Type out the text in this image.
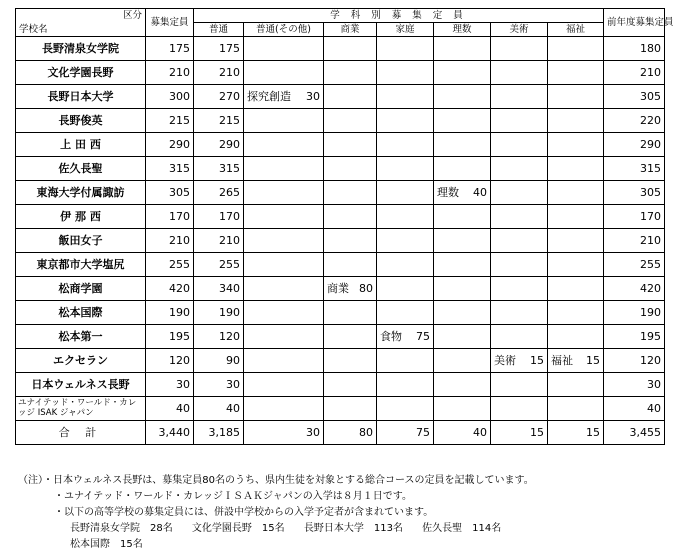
区分
学校名	募集定員	学 科 別 募 集 定 員							前年度募集定員
		普通	普通(その他)	商業	家庭	理数	美術	福祉	
長野清泉女学院	175	175							180
文化学園長野	210	210							210
長野日本大学	300	270	探究創造 30						305
長野俊英	215	215							220
上 田 西	290	290							290
佐久長聖	315	315							315
東海大学付属諏訪	305	265				理数 40			305
伊 那 西	170	170							170
飯田女子	210	210							210
東京都市大学塩尻	255	255							255
松商学園	420	340		商業 80					420
松本国際	190	190							190
松本第一	195	120			食物 75				195
エクセラン	120	90					美術 15	福祉 15	120
日本ウェルネス長野	30	30							30
ユナイテッド・ワールド・カレッジ ISAK ジャパン	40	40							40
合 計	3,440	3,185	30	80	75	40	15	15	3,455
（注）・日本ウェルネス長野は、募集定員80名のうち、県内生徒を対象とする総合コースの定員を記載しています。
・ユナイテッド・ワールド・カレッジＩＳＡＫジャパンの入学は８月１日です。
・以下の高等学校の募集定員には、併設中学校からの入学予定者が含まれています。
長野清泉女学院　28名 文化学園長野　15名 長野日本大学　113名 佐久長聖　114名
松本国際　15名
